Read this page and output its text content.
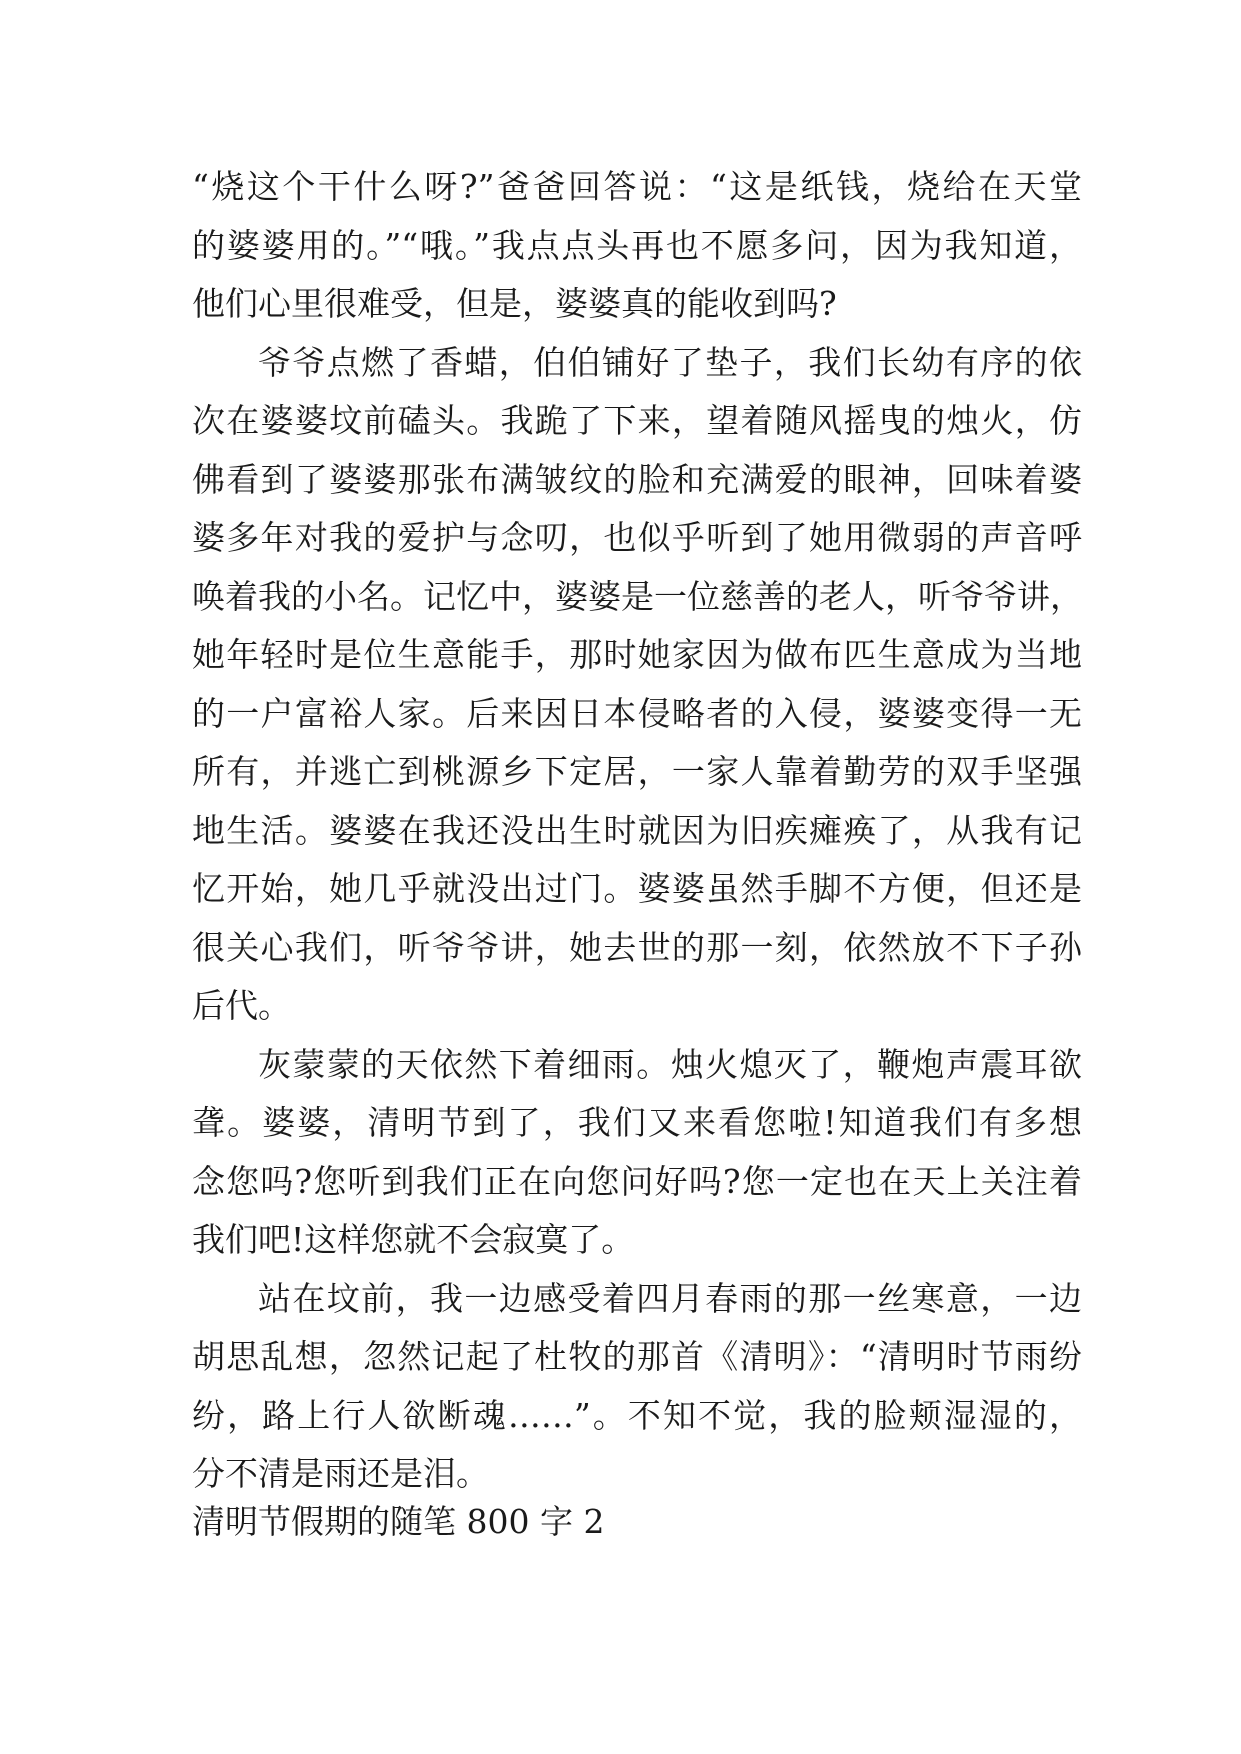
“烧这个干什么呀?”爸爸回答说：“这是纸钱，烧给在天堂
的婆婆用的。”“哦。”我点点头再也不愿多问，因为我知道，
他们心里很难受，但是，婆婆真的能收到吗?
爷爷点燃了香蜡，伯伯铺好了垫子，我们长幼有序的依
次在婆婆坟前磕头。我跪了下来，望着随风摇曳的烛火，仿
佛看到了婆婆那张布满皱纹的脸和充满爱的眼神，回味着婆
婆多年对我的爱护与念叨，也似乎听到了她用微弱的声音呼
唤着我的小名。记忆中，婆婆是一位慈善的老人，听爷爷讲，
她年轻时是位生意能手，那时她家因为做布匹生意成为当地
的一户富裕人家。后来因日本侵略者的入侵，婆婆变得一无
所有，并逃亡到桃源乡下定居，一家人靠着勤劳的双手坚强
地生活。婆婆在我还没出生时就因为旧疾瘫痪了，从我有记
忆开始，她几乎就没出过门。婆婆虽然手脚不方便，但还是
很关心我们，听爷爷讲，她去世的那一刻，依然放不下子孙
后代。
灰蒙蒙的天依然下着细雨。烛火熄灭了，鞭炮声震耳欲
聋。婆婆，清明节到了，我们又来看您啦!知道我们有多想
念您吗?您听到我们正在向您问好吗?您一定也在天上关注着
我们吧!这样您就不会寂寞了。
站在坟前，我一边感受着四月春雨的那一丝寒意，一边
胡思乱想，忽然记起了杜牧的那首《清明》：“清明时节雨纷
纷，路上行人欲断魂……”。不知不觉，我的脸颊湿湿的，
分不清是雨还是泪。
清明节假期的随笔 800 字 2
